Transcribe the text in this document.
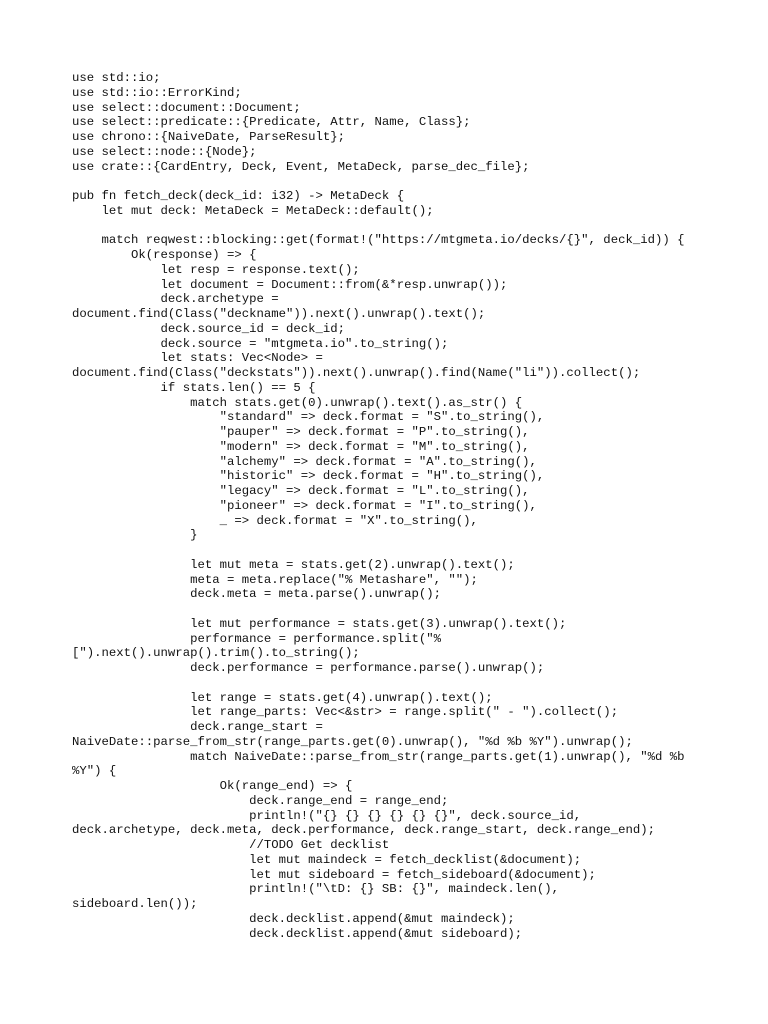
use std::io;
use std::io::ErrorKind;
use select::document::Document;
use select::predicate::{Predicate, Attr, Name, Class};
use chrono::{NaiveDate, ParseResult};
use select::node::{Node};
use crate::{CardEntry, Deck, Event, MetaDeck, parse_dec_file};
pub fn fetch_deck(deck_id: i32) -> MetaDeck {
let mut deck: MetaDeck = MetaDeck::default();
match reqwest::blocking::get(format!("https://mtgmeta.io/decks/{}", deck_id)) {
Ok(response) => {
let resp = response.text();
let document = Document::from(&*resp.unwrap());
deck.archetype =
document.find(Class("deckname")).next().unwrap().text();
deck.source_id = deck_id;
deck.source = "mtgmeta.io".to_string();
let stats: Vec<Node> =
document.find(Class("deckstats")).next().unwrap().find(Name("li")).collect();
if stats.len() == 5 {
match stats.get(0).unwrap().text().as_str() {
"standard" => deck.format = "S".to_string(),
"pauper" => deck.format = "P".to_string(),
"modern" => deck.format = "M".to_string(),
"alchemy" => deck.format = "A".to_string(),
"historic" => deck.format = "H".to_string(),
"legacy" => deck.format = "L".to_string(),
"pioneer" => deck.format = "I".to_string(),
_ => deck.format = "X".to_string(),
}
let mut meta = stats.get(2).unwrap().text();
meta = meta.replace("% Metashare", "");
deck.meta = meta.parse().unwrap();
let mut performance = stats.get(3).unwrap().text();
performance = performance.split("%
[").next().unwrap().trim().to_string();
deck.performance = performance.parse().unwrap();
let range = stats.get(4).unwrap().text();
let range_parts: Vec<&str> = range.split(" - ").collect();
deck.range_start =
NaiveDate::parse_from_str(range_parts.get(0).unwrap(), "%d %b %Y").unwrap();
match NaiveDate::parse_from_str(range_parts.get(1).unwrap(), "%d %b
%Y") {
Ok(range_end) => {
deck.range_end = range_end;
println!("{} {} {} {} {} {}", deck.source_id,
deck.archetype, deck.meta, deck.performance, deck.range_start, deck.range_end);
//TODO Get decklist
let mut maindeck = fetch_decklist(&document);
let mut sideboard = fetch_sideboard(&document);
println!("\tD: {} SB: {}", maindeck.len(),
sideboard.len());
deck.decklist.append(&mut maindeck);
deck.decklist.append(&mut sideboard);
